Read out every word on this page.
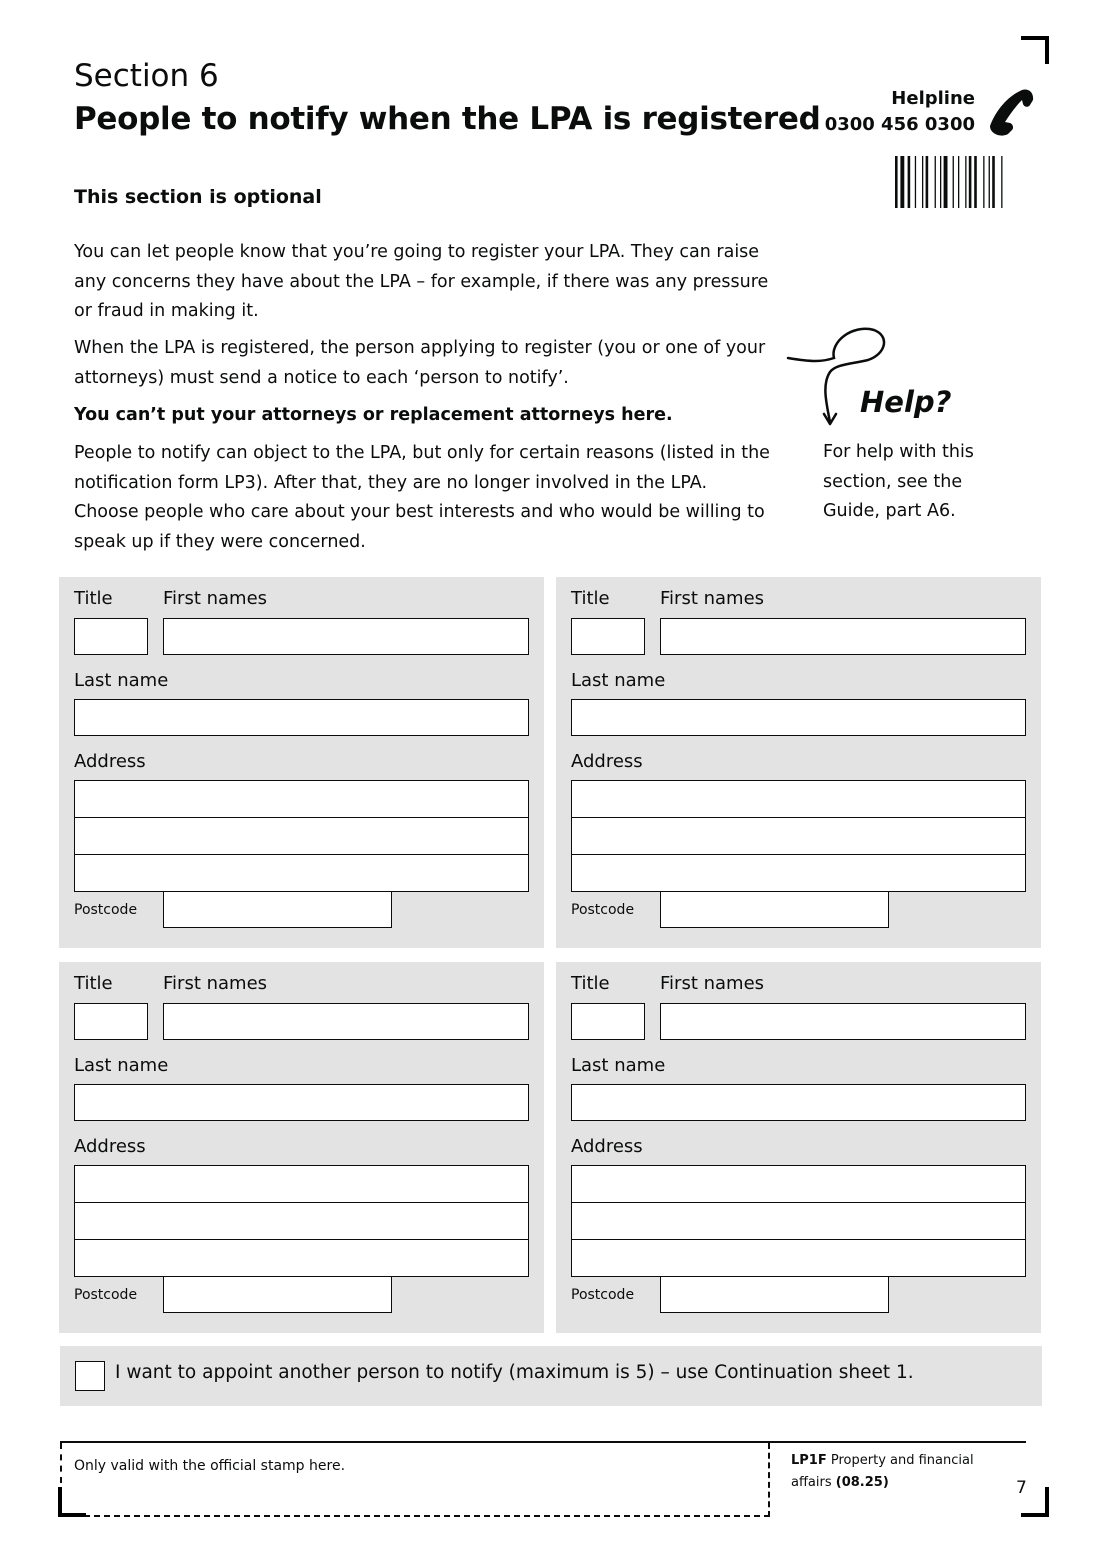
Section 6
People to notify when the LPA is registered
Helpline
0300 456 0300
This section is optional
You can let people know that you’re going to register your LPA. They can raise any concerns they have about the LPA – for example, if there was any pressure or fraud in making it.
When the LPA is registered, the person applying to register (you or one of your attorneys) must send a notice to each ‘person to notify’.
You can’t put your attorneys or replacement attorneys here.
People to notify can object to the LPA, but only for certain reasons (listed in the notification form LP3). After that, they are no longer involved in the LPA. Choose people who care about your best interests and who would be willing to speak up if they were concerned.
Help?
For help with this section, see the Guide, part A6.
Title	First names
Last name
Address
Postcode
Title	First names
Last name
Address
Postcode
Title	First names
Last name
Address
Postcode
Title	First names
Last name
Address
Postcode
I want to appoint another person to notify (maximum is 5) – use Continuation sheet 1.
Only valid with the official stamp here.	LP1F Property and financial affairs (08.25)	7
